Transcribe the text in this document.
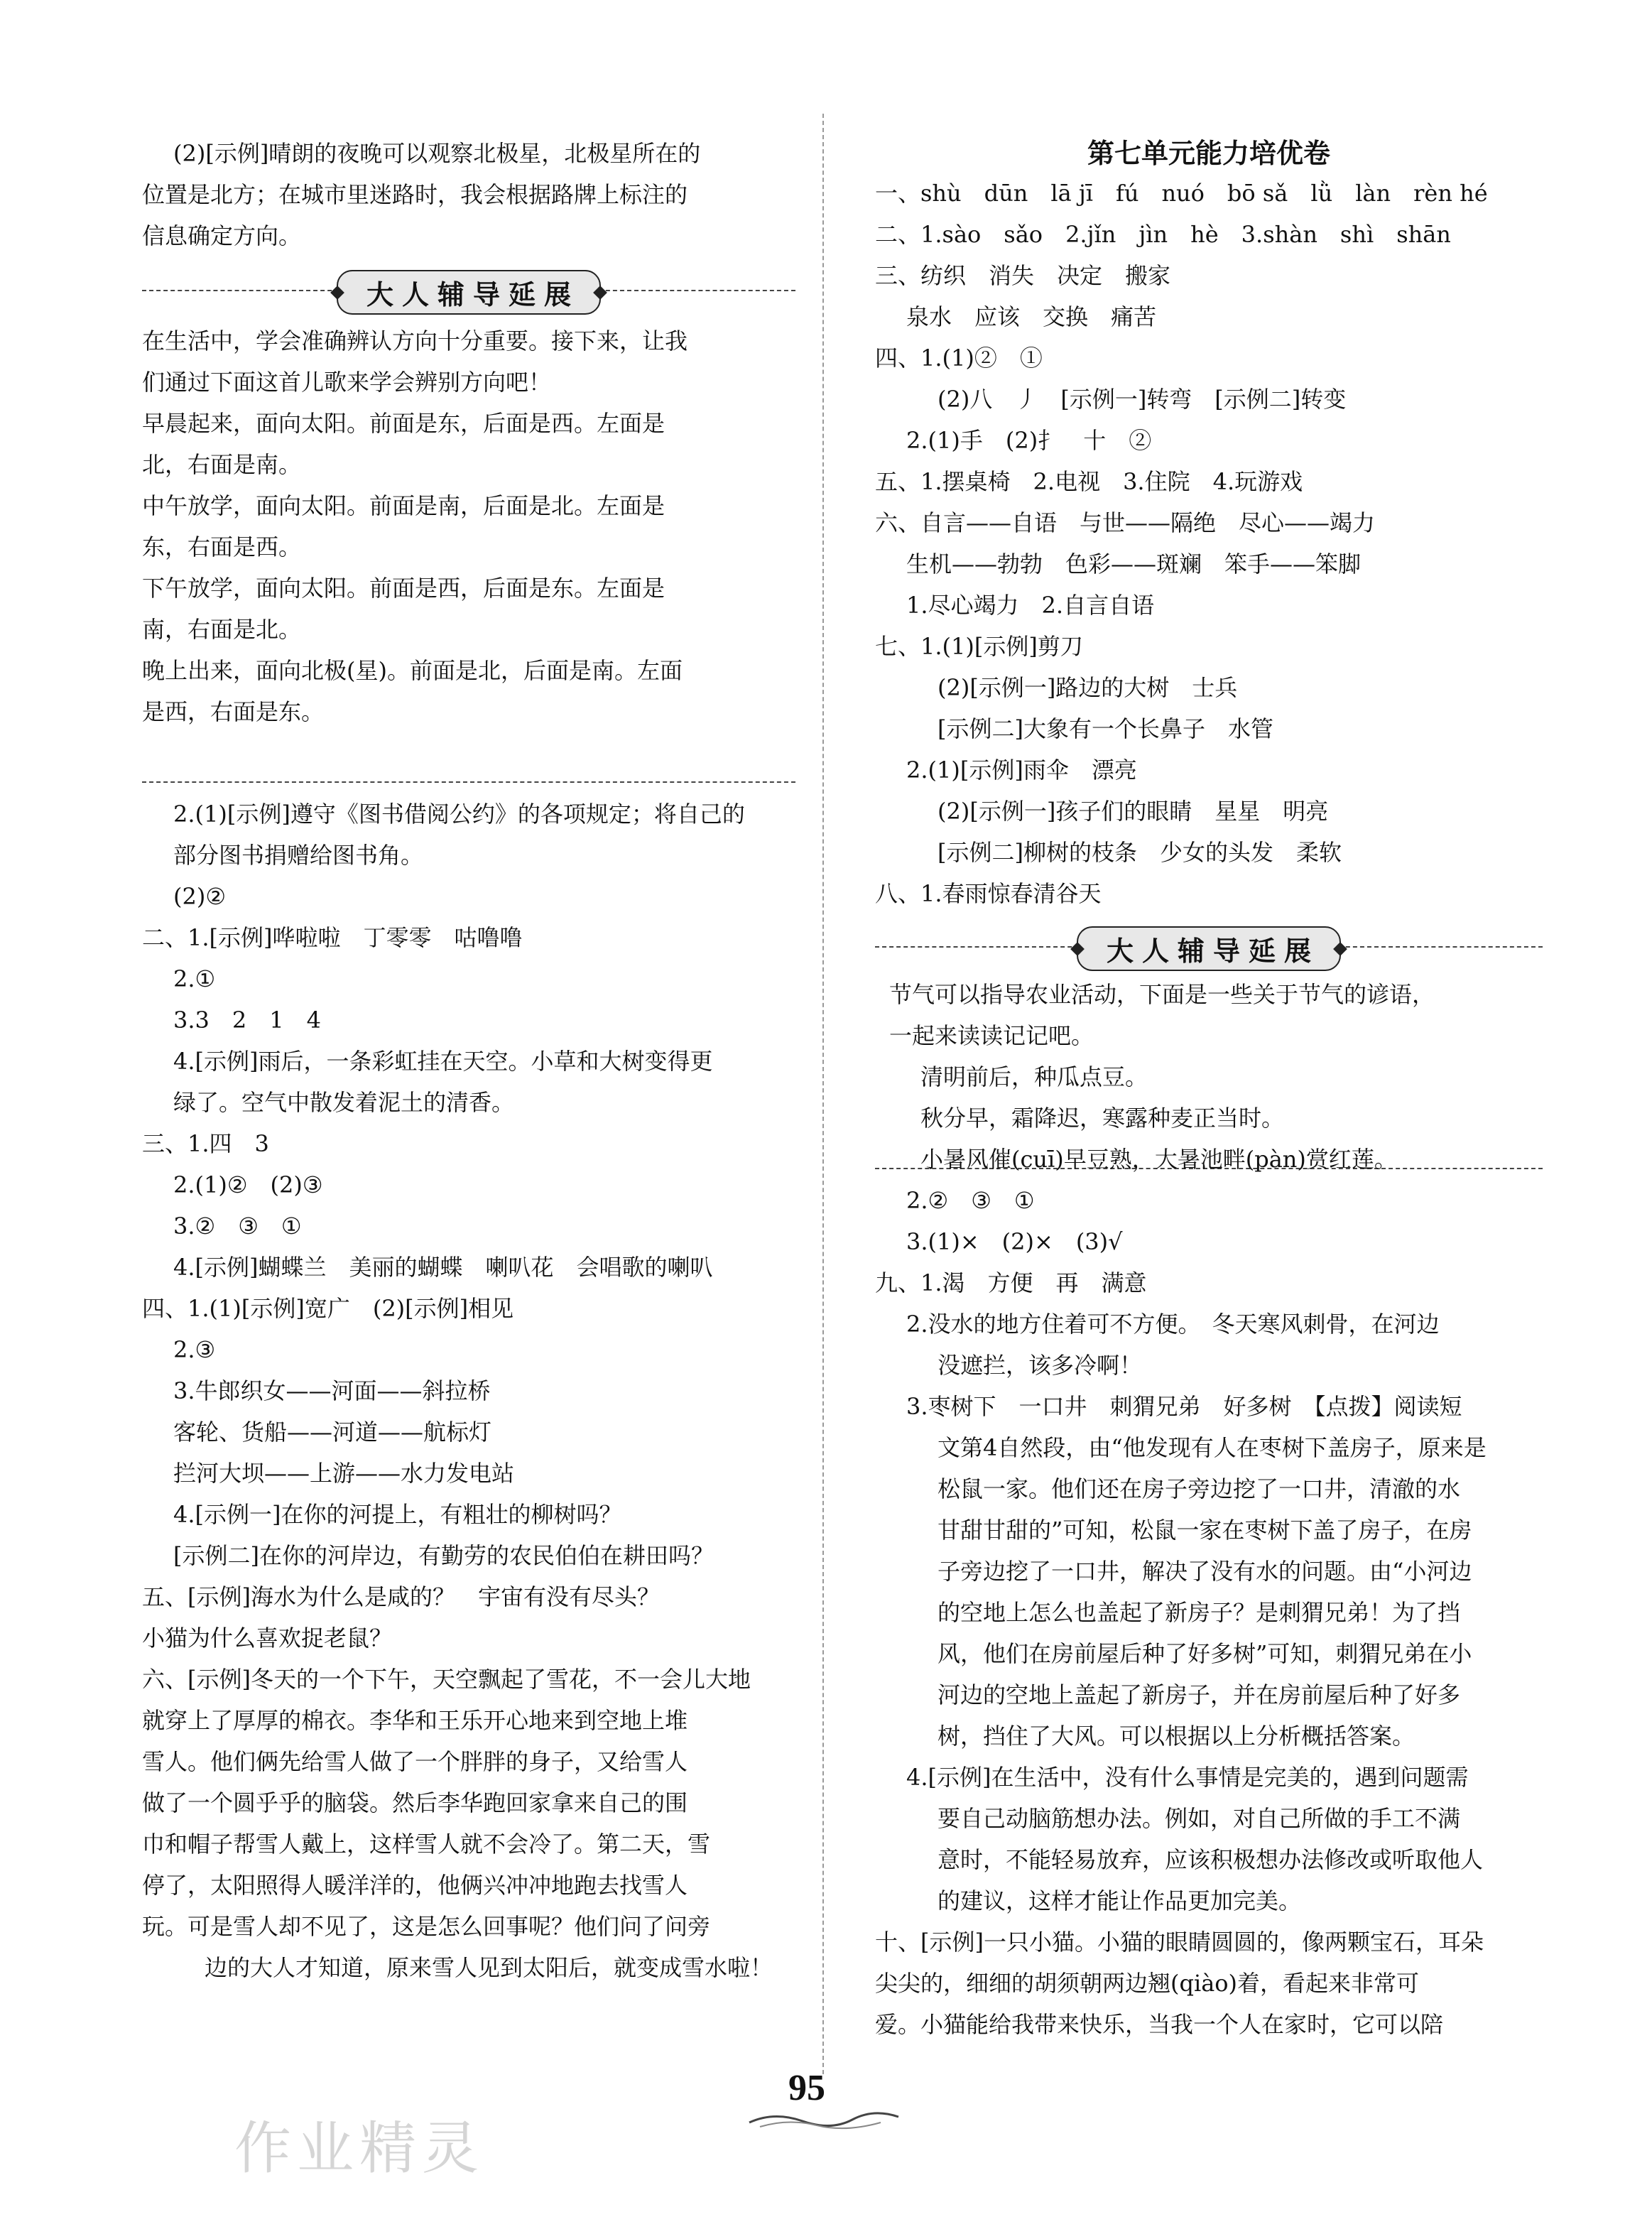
(2)[示例]晴朗的夜晚可以观察北极星，北极星所在的
位置是北方；在城市里迷路时，我会根据路牌上标注的
信息确定方向。
大人辅导延展
在生活中，学会准确辨认方向十分重要。接下来，让我
们通过下面这首儿歌来学会辨别方向吧！
早晨起来，面向太阳。前面是东，后面是西。左面是
北，右面是南。
中午放学，面向太阳。前面是南，后面是北。左面是
东，右面是西。
下午放学，面向太阳。前面是西，后面是东。左面是
南，右面是北。
晚上出来，面向北极(星)。前面是北，后面是南。左面
是西，右面是东。
2.(1)[示例]遵守《图书借阅公约》的各项规定；将自己的
部分图书捐赠给图书角。
(2)②
二、1.[示例]哗啦啦　丁零零　咕噜噜
2.①
3.3　2　1　4
4.[示例]雨后，一条彩虹挂在天空。小草和大树变得更
绿了。空气中散发着泥土的清香。
三、1.四　3
2.(1)②　(2)③
3.②　③　①
4.[示例]蝴蝶兰　美丽的蝴蝶　喇叭花　会唱歌的喇叭
四、1.(1)[示例]宽广　(2)[示例]相见
2.③
3.牛郎织女——河面——斜拉桥
客轮、货船——河道——航标灯
拦河大坝——上游——水力发电站
4.[示例一]在你的河提上，有粗壮的柳树吗？
[示例二]在你的河岸边，有勤劳的农民伯伯在耕田吗？
五、[示例]海水为什么是咸的？　宇宙有没有尽头？
小猫为什么喜欢捉老鼠？
六、[示例]冬天的一个下午，天空飘起了雪花，不一会儿大地
就穿上了厚厚的棉衣。李华和王乐开心地来到空地上堆
雪人。他们俩先给雪人做了一个胖胖的身子，又给雪人
做了一个圆乎乎的脑袋。然后李华跑回家拿来自己的围
巾和帽子帮雪人戴上，这样雪人就不会冷了。第二天，雪
停了，太阳照得人暖洋洋的，他俩兴冲冲地跑去找雪人
玩。可是雪人却不见了，这是怎么回事呢？他们问了问旁
边的大人才知道，原来雪人见到太阳后，就变成雪水啦！
第七单元能力培优卷
一、shù　dūn　lā jī　fú　nuó　bō sǎ　lǜ　làn　rèn hé
二、1.sào　sǎo　2.jǐn　jìn　hè　3.shàn　shì　shān
三、纺织　消失　决定　搬家
泉水　应该　交换　痛苦
四、1.(1)②　①
(2)八　丿　[示例一]转弯　[示例二]转变
2.(1)手　(2)扌　十　②
五、1.摆桌椅　2.电视　3.住院　4.玩游戏
六、自言——自语　与世——隔绝　尽心——竭力
生机——勃勃　色彩——斑斓　笨手——笨脚
1.尽心竭力　2.自言自语
七、1.(1)[示例]剪刀
(2)[示例一]路边的大树　士兵
[示例二]大象有一个长鼻子　水管
2.(1)[示例]雨伞　漂亮
(2)[示例一]孩子们的眼睛　星星　明亮
[示例二]柳树的枝条　少女的头发　柔软
八、1.春雨惊春清谷天
大人辅导延展
节气可以指导农业活动，下面是一些关于节气的谚语，
一起来读读记记吧。
清明前后，种瓜点豆。
秋分早，霜降迟，寒露种麦正当时。
小暑风催(cuī)早豆熟，大暑池畔(pàn)赏红莲。
2.②　③　①
3.(1)×　(2)×　(3)√
九、1.渴　方便　再　满意
2.没水的地方住着可不方便。　冬天寒风刺骨，在河边
没遮拦，该多冷啊！
3.枣树下　一口井　刺猬兄弟　好多树　【点拨】阅读短
文第4自然段，由“他发现有人在枣树下盖房子，原来是
松鼠一家。他们还在房子旁边挖了一口井，清澈的水
甘甜甘甜的”可知，松鼠一家在枣树下盖了房子，在房
子旁边挖了一口井，解决了没有水的问题。由“小河边
的空地上怎么也盖起了新房子？是刺猬兄弟！为了挡
风，他们在房前屋后种了好多树”可知，刺猬兄弟在小
河边的空地上盖起了新房子，并在房前屋后种了好多
树，挡住了大风。可以根据以上分析概括答案。
4.[示例]在生活中，没有什么事情是完美的，遇到问题需
要自己动脑筋想办法。例如，对自己所做的手工不满
意时，不能轻易放弃，应该积极想办法修改或听取他人
的建议，这样才能让作品更加完美。
十、[示例]一只小猫。小猫的眼睛圆圆的，像两颗宝石，耳朵
尖尖的，细细的胡须朝两边翘(qiào)着，看起来非常可
爱。小猫能给我带来快乐，当我一个人在家时，它可以陪
95
作业精灵
